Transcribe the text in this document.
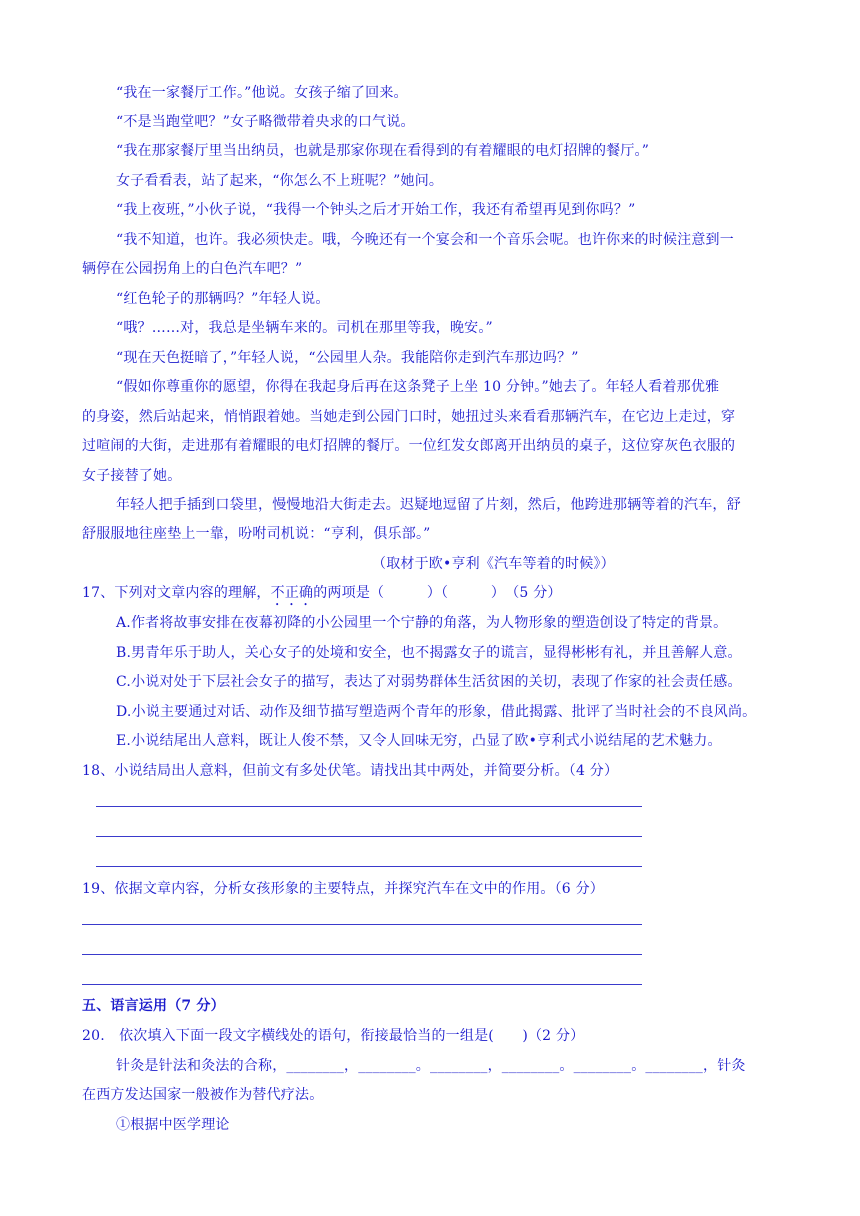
“我在一家餐厅工作。”他说。女孩子缩了回来。
“不是当跑堂吧？”女子略微带着央求的口气说。
“我在那家餐厅里当出纳员，也就是那家你现在看得到的有着耀眼的电灯招牌的餐厅。”
女子看看表，站了起来，“你怎么不上班呢？”她问。
“我上夜班，”小伙子说，“我得一个钟头之后才开始工作，我还有希望再见到你吗？”
“我不知道，也许。我必须快走。哦，今晚还有一个宴会和一个音乐会呢。也许你来的时候注意到一
辆停在公园拐角上的白色汽车吧？”
“红色轮子的那辆吗？”年轻人说。
“哦？……对，我总是坐辆车来的。司机在那里等我，晚安。”
“现在天色挺暗了，”年轻人说，“公园里人杂。我能陪你走到汽车那边吗？”
“假如你尊重你的愿望，你得在我起身后再在这条凳子上坐 10 分钟。”她去了。年轻人看着那优雅
的身姿，然后站起来，悄悄跟着她。当她走到公园门口时，她扭过头来看看那辆汽车，在它边上走过，穿
过喧闹的大街，走进那有着耀眼的电灯招牌的餐厅。一位红发女郎离开出纳员的桌子，这位穿灰色衣服的
女子接替了她。
年轻人把手插到口袋里，慢慢地沿大街走去。迟疑地逗留了片刻，然后，他跨进那辆等着的汽车，舒
舒服服地往座垫上一靠，吩咐司机说：“亨利，俱乐部。”
（取材于欧•亨利《汽车等着的时候》）
17、下列对文章内容的理解，不正确的两项是（　　　）（　　　）　（5 分）
A.作者将故事安排在夜幕初降的小公园里一个宁静的角落，为人物形象的塑造创设了特定的背景。
B.男青年乐于助人，关心女子的处境和安全，也不揭露女子的谎言，显得彬彬有礼，并且善解人意。
C.小说对处于下层社会女子的描写，表达了对弱势群体生活贫困的关切，表现了作家的社会责任感。
D.小说主要通过对话、动作及细节描写塑造两个青年的形象，借此揭露、批评了当时社会的不良风尚。
E.小说结尾出人意料，既让人俊不禁，又令人回味无穷，凸显了欧•亨利式小说结尾的艺术魅力。
18、小说结局出人意料，但前文有多处伏笔。请找出其中两处，并简要分析。（4 分）
19、依据文章内容，分析女孩形象的主要特点，并探究汽车在文中的作用。（6 分）
五、语言运用（7 分）
20.　依次填入下面一段文字横线处的语句，衔接最恰当的一组是(　　)（2 分）
针灸是针法和灸法的合称，________，________。________，________。________。________，针灸
在西方发达国家一般被作为替代疗法。
①根据中医学理论
